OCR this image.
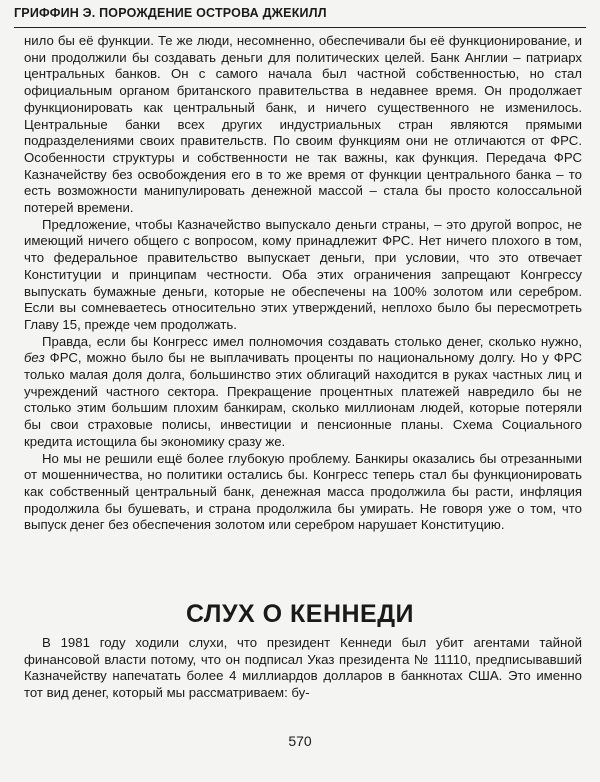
ГРИФФИН Э. ПОРОЖДЕНИЕ ОСТРОВА ДЖЕКИЛЛ

нило бы её функции. Те же люди, несомненно, обеспечивали бы её функционирование, и они продолжили бы создавать деньги для политических целей. Банк Англии – патриарх центральных банков. Он с самого начала был частной собственностью, но стал официальным органом британского правительства в недавнее время. Он продолжает функционировать как центральный банк, и ничего существенного не изменилось. Центральные банки всех других индустриальных стран являются прямыми подразделениями своих правительств. По своим функциям они не отличаются от ФРС. Особенности структуры и собственности не так важны, как функция. Передача ФРС Казначейству без освобождения его в то же время от функции центрального банка – то есть возможности манипулировать денежной массой – стала бы просто колоссальной потерей времени.

Предложение, чтобы Казначейство выпускало деньги страны, – это другой вопрос, не имеющий ничего общего с вопросом, кому принадлежит ФРС. Нет ничего плохого в том, что федеральное правительство выпускает деньги, при условии, что это отвечает Конституции и принципам честности. Оба этих ограничения запрещают Конгрессу выпускать бумажные деньги, которые не обеспечены на 100% золотом или серебром. Если вы сомневаетесь относительно этих утверждений, неплохо было бы пересмотреть Главу 15, прежде чем продолжать.

Правда, если бы Конгресс имел полномочия создавать столько денег, сколько нужно, без ФРС, можно было бы не выплачивать проценты по национальному долгу. Но у ФРС только малая доля долга, большинство этих облигаций находится в руках частных лиц и учреждений частного сектора. Прекращение процентных платежей навредило бы не столько этим большим плохим банкирам, сколько миллионам людей, которые потеряли бы свои страховые полисы, инвестиции и пенсионные планы. Схема Социального кредита истощила бы экономику сразу же.

Но мы не решили ещё более глубокую проблему. Банкиры оказались бы отрезанными от мошенничества, но политики остались бы. Конгресс теперь стал бы функционировать как собственный центральный банк, денежная масса продолжила бы расти, инфляция продолжила бы бушевать, и страна продолжила бы умирать. Не говоря уже о том, что выпуск денег без обеспечения золотом или серебром нарушает Конституцию.

СЛУХ О КЕННЕДИ

В 1981 году ходили слухи, что президент Кеннеди был убит агентами тайной финансовой власти потому, что он подписал Указ президента № 11110, предписывавший Казначейству напечатать более 4 миллиардов долларов в банкнотах США. Это именно тот вид денег, который мы рассматриваем: бу-

570
